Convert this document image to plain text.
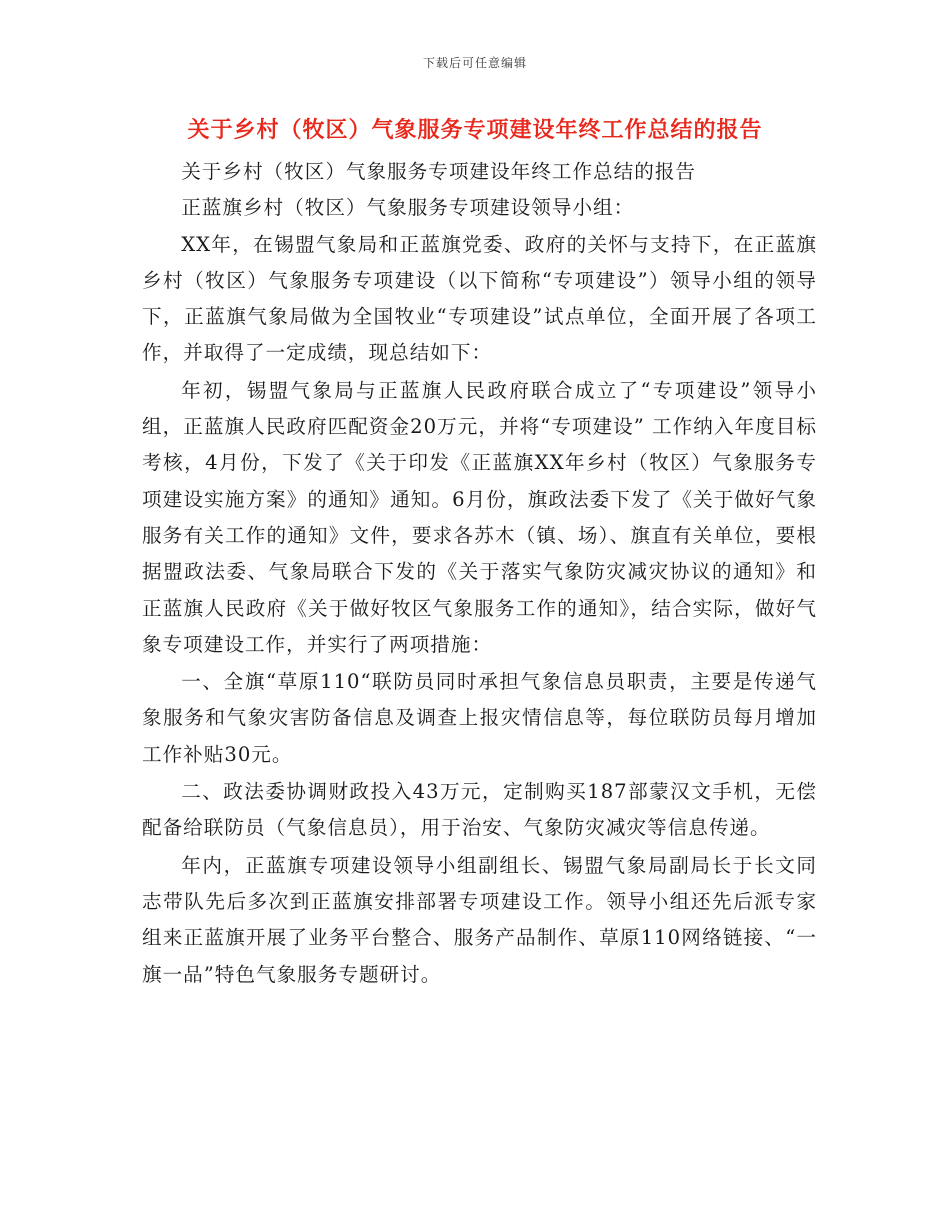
下载后可任意编辑
关于乡村（牧区）气象服务专项建设年终工作总结的报告

关于乡村（牧区）气象服务专项建设年终工作总结的报告

正蓝旗乡村（牧区）气象服务专项建设领导小组：

XX年，在锡盟气象局和正蓝旗党委、政府的关怀与支持下，在正蓝旗乡村（牧区）气象服务专项建设（以下简称“专项建设”）领导小组的领导下，正蓝旗气象局做为全国牧业“专项建设”试点单位，全面开展了各项工作，并取得了一定成绩，现总结如下：

年初，锡盟气象局与正蓝旗人民政府联合成立了“专项建设”领导小组，正蓝旗人民政府匹配资金20万元，并将“专项建设” 工作纳入年度目标考核，4月份，下发了《关于印发《正蓝旗XX年乡村（牧区）气象服务专项建设实施方案》的通知》通知。6月份，旗政法委下发了《关于做好气象服务有关工作的通知》文件，要求各苏木（镇、场）、旗直有关单位，要根据盟政法委、气象局联合下发的《关于落实气象防灾减灾协议的通知》和正蓝旗人民政府《关于做好牧区气象服务工作的通知》，结合实际，做好气象专项建设工作，并实行了两项措施：

一、全旗“草原110“联防员同时承担气象信息员职责，主要是传递气象服务和气象灾害防备信息及调查上报灾情信息等，每位联防员每月增加工作补贴30元。

二、政法委协调财政投入43万元，定制购买187部蒙汉文手机，无偿配备给联防员（气象信息员），用于治安、气象防灾减灾等信息传递。

年内，正蓝旗专项建设领导小组副组长、锡盟气象局副局长于长文同志带队先后多次到正蓝旗安排部署专项建设工作。领导小组还先后派专家组来正蓝旗开展了业务平台整合、服务产品制作、草原110网络链接、“一旗一品”特色气象服务专题研讨。
